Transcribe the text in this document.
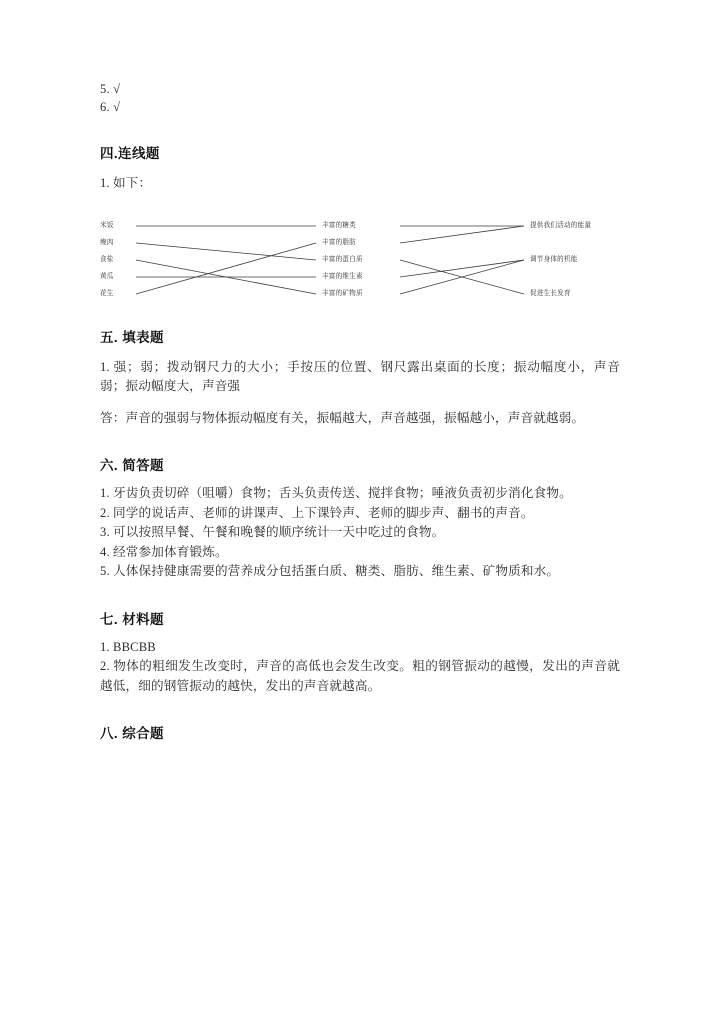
5. √
6. √
四.连线题
1. 如下：
米饭
瘦肉
食盐
黄瓜
花生
丰富的糖类
丰富的脂肪
丰富的蛋白质
丰富的维生素
丰富的矿物质
提供我们活动的能量
调节身体的机能
促进生长发育
五. 填表题
1. 强；弱；拨动钢尺力的大小；手按压的位置、钢尺露出桌面的长度；振动幅度小，声音弱；振动幅度大，声音强
答：声音的强弱与物体振动幅度有关，振幅越大，声音越强，振幅越小，声音就越弱。
六. 简答题
1. 牙齿负责切碎（咀嚼）食物；舌头负责传送、搅拌食物；唾液负责初步消化食物。
2. 同学的说话声、老师的讲课声、上下课铃声、老师的脚步声、翻书的声音。
3. 可以按照早餐、午餐和晚餐的顺序统计一天中吃过的食物。
4. 经常参加体育锻炼。
5. 人体保持健康需要的营养成分包括蛋白质、糖类、脂肪、维生素、矿物质和水。
七. 材料题
1. BBCBB
2. 物体的粗细发生改变时，声音的高低也会发生改变。粗的钢管振动的越慢，发出的声音就越低，细的钢管振动的越快，发出的声音就越高。
八. 综合题
